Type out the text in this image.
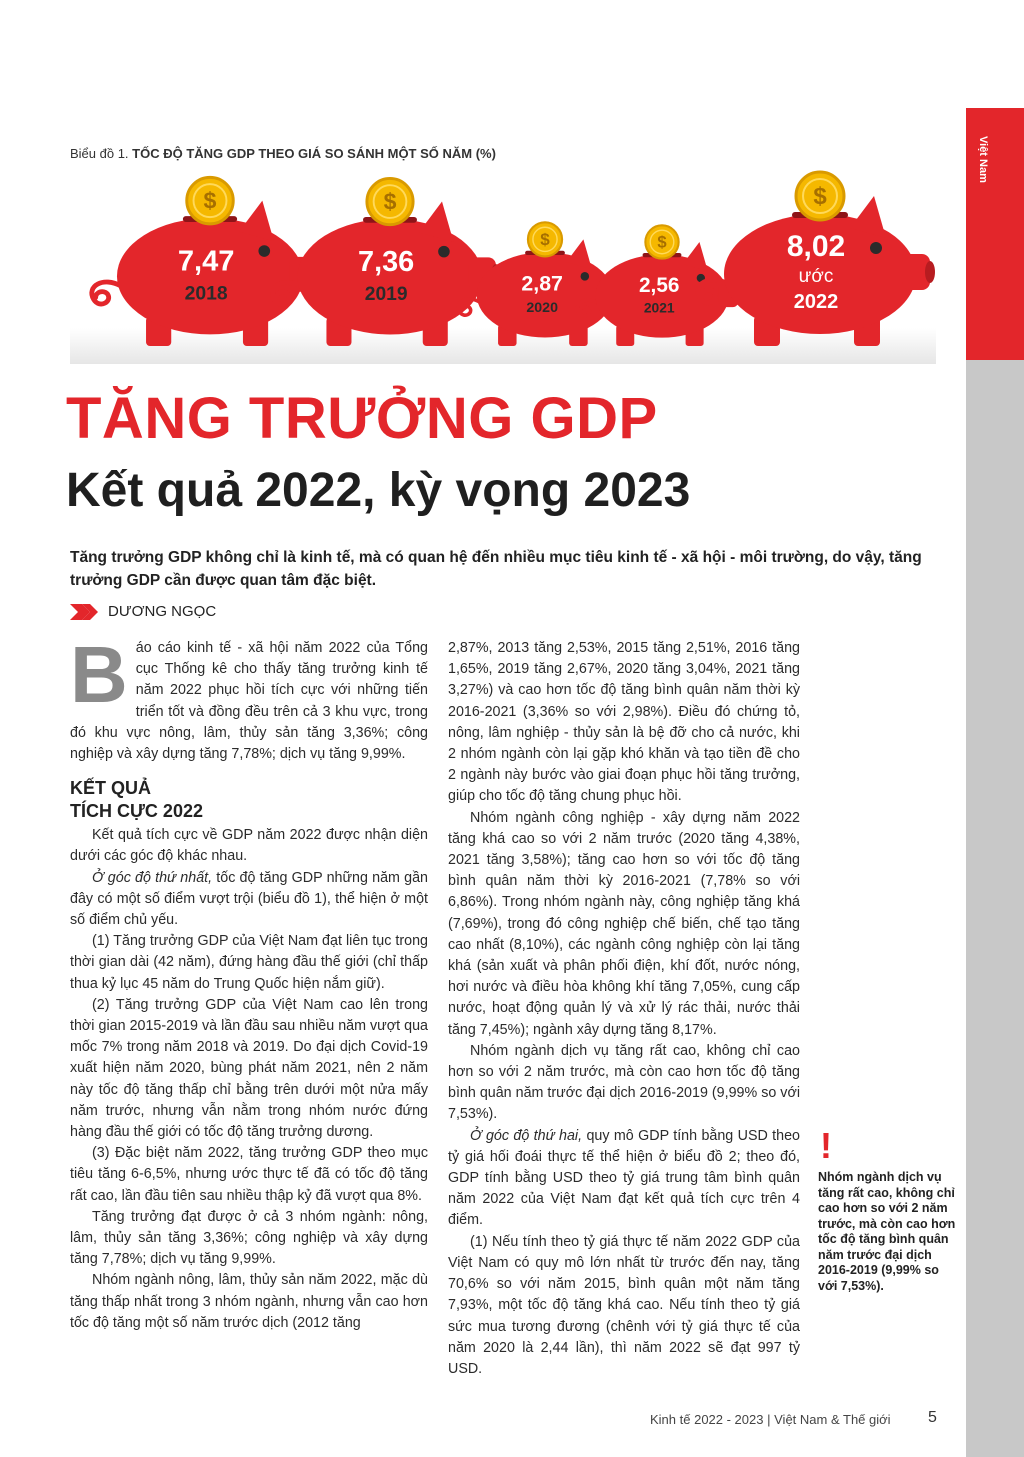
Kinh tế 2022 - 2023 Việt Nam
Biểu đồ 1. TỐC ĐỘ TĂNG GDP THEO GIÁ SO SÁNH MỘT SỐ NĂM (%)
$
7,47
2018
$
7,36
2019
$
2,87
2020
$
2,56
2021
$
8,02
ước
2022
TĂNG TRƯỞNG GDP
Kết quả 2022, kỳ vọng 2023

Tăng trưởng GDP không chỉ là kinh tế, mà có quan hệ đến nhiều mục tiêu kinh tế - xã hội - môi trường, do vậy, tăng trưởng GDP cần được quan tâm đặc biệt.

DƯƠNG NGỌC

Báo cáo kinh tế - xã hội năm 2022 của Tổng cục Thống kê cho thấy tăng trưởng kinh tế năm 2022 phục hồi tích cực với những tiến triển tốt và đồng đều trên cả 3 khu vực, trong đó khu vực nông, lâm, thủy sản tăng 3,36%; công nghiệp và xây dựng tăng 7,78%; dịch vụ tăng 9,99%.

KẾT QUẢ
TÍCH CỰC 2022

Kết quả tích cực về GDP năm 2022 được nhận diện dưới các góc độ khác nhau.

Ở góc độ thứ nhất, tốc độ tăng GDP những năm gần đây có một số điểm vượt trội (biểu đồ 1), thể hiện ở một số điểm chủ yếu.

(1) Tăng trưởng GDP của Việt Nam đạt liên tục trong thời gian dài (42 năm), đứng hàng đầu thế giới (chỉ thấp thua kỷ lục 45 năm do Trung Quốc hiện nắm giữ).

(2) Tăng trưởng GDP của Việt Nam cao lên trong thời gian 2015-2019 và lần đầu sau nhiều năm vượt qua mốc 7% trong năm 2018 và 2019. Do đại dịch Covid-19 xuất hiện năm 2020, bùng phát năm 2021, nên 2 năm này tốc độ tăng thấp chỉ bằng trên dưới một nửa mấy năm trước, nhưng vẫn nằm trong nhóm nước đứng hàng đầu thế giới có tốc độ tăng trưởng dương.

(3) Đặc biệt năm 2022, tăng trưởng GDP theo mục tiêu tăng 6-6,5%, nhưng ước thực tế đã có tốc độ tăng rất cao, lần đầu tiên sau nhiều thập kỷ đã vượt qua 8%.

Tăng trưởng đạt được ở cả 3 nhóm ngành: nông, lâm, thủy sản tăng 3,36%; công nghiệp và xây dựng tăng 7,78%; dịch vụ tăng 9,99%.

Nhóm ngành nông, lâm, thủy sản năm 2022, mặc dù tăng thấp nhất trong 3 nhóm ngành, nhưng vẫn cao hơn tốc độ tăng một số năm trước dịch (2012 tăng

2,87%, 2013 tăng 2,53%, 2015 tăng 2,51%, 2016 tăng 1,65%, 2019 tăng 2,67%, 2020 tăng 3,04%, 2021 tăng 3,27%) và cao hơn tốc độ tăng bình quân năm thời kỳ 2016-2021 (3,36% so với 2,98%). Điều đó chứng tỏ, nông, lâm nghiệp - thủy sản là bệ đỡ cho cả nước, khi 2 nhóm ngành còn lại gặp khó khăn và tạo tiền đề cho 2 ngành này bước vào giai đoạn phục hồi tăng trưởng, giúp cho tốc độ tăng chung phục hồi.

Nhóm ngành công nghiệp - xây dựng năm 2022 tăng khá cao so với 2 năm trước (2020 tăng 4,38%, 2021 tăng 3,58%); tăng cao hơn so với tốc độ tăng bình quân năm thời kỳ 2016-2021 (7,78% so với 6,86%). Trong nhóm ngành này, công nghiệp tăng khá (7,69%), trong đó công nghiệp chế biến, chế tạo tăng cao nhất (8,10%), các ngành công nghiệp còn lại tăng khá (sản xuất và phân phối điện, khí đốt, nước nóng, hơi nước và điều hòa không khí tăng 7,05%, cung cấp nước, hoạt động quản lý và xử lý rác thải, nước thải tăng 7,45%); ngành xây dựng tăng 8,17%.

Nhóm ngành dịch vụ tăng rất cao, không chỉ cao hơn so với 2 năm trước, mà còn cao hơn tốc độ tăng bình quân năm trước đại dịch 2016-2019 (9,99% so với 7,53%).

Ở góc độ thứ hai, quy mô GDP tính bằng USD theo tỷ giá hối đoái thực tế thể hiện ở biểu đồ 2; theo đó, GDP tính bằng USD theo tỷ giá trung tâm bình quân năm 2022 của Việt Nam đạt kết quả tích cực trên 4 điểm.

(1) Nếu tính theo tỷ giá thực tế năm 2022 GDP của Việt Nam có quy mô lớn nhất từ trước đến nay, tăng 70,6% so với năm 2015, bình quân một năm tăng 7,93%, một tốc độ tăng khá cao. Nếu tính theo tỷ giá sức mua tương đương (chênh với tỷ giá thực tế của năm 2020 là 2,44 lần), thì năm 2022 sẽ đạt 997 tỷ USD.

!

Nhóm ngành dịch vụ tăng rất cao, không chỉ cao hơn so với 2 năm trước, mà còn cao hơn tốc độ tăng bình quân năm trước đại dịch 2016-2019 (9,99% so với 7,53%).

Kinh tế 2022 - 2023 | Việt Nam & Thế giới 5
